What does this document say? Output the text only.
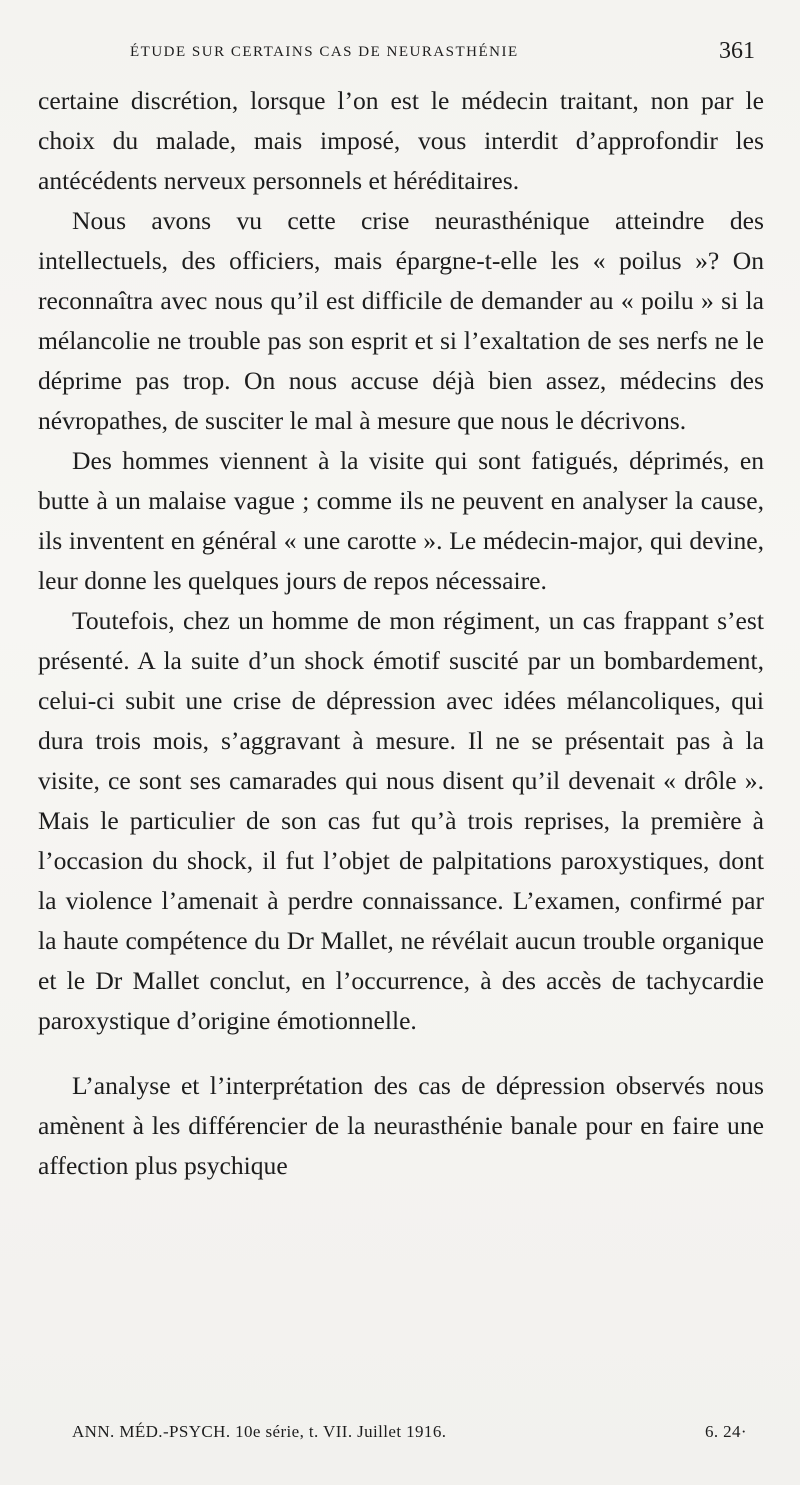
ÉTUDE SUR CERTAINS CAS DE NEURASTHÉNIE	361

certaine discrétion, lorsque l’on est le médecin traitant, non par le choix du malade, mais imposé, vous interdit d’approfondir les antécédents nerveux personnels et héréditaires.

Nous avons vu cette crise neurasthénique atteindre des intellectuels, des officiers, mais épargne-t-elle les « poilus »? On reconnaîtra avec nous qu’il est difficile de demander au « poilu » si la mélancolie ne trouble pas son esprit et si l’exaltation de ses nerfs ne le déprime pas trop. On nous accuse déjà bien assez, médecins des névropathes, de susciter le mal à mesure que nous le décrivons.

Des hommes viennent à la visite qui sont fatigués, déprimés, en butte à un malaise vague ; comme ils ne peuvent en analyser la cause, ils inventent en général « une carotte ». Le médecin-major, qui devine, leur donne les quelques jours de repos nécessaire.

Toutefois, chez un homme de mon régiment, un cas frappant s’est présenté. A la suite d’un shock émotif suscité par un bombardement, celui-ci subit une crise de dépression avec idées mélancoliques, qui dura trois mois, s’aggravant à mesure. Il ne se présentait pas à la visite, ce sont ses camarades qui nous disent qu’il devenait « drôle ». Mais le particulier de son cas fut qu’à trois reprises, la première à l’occasion du shock, il fut l’objet de palpitations paroxystiques, dont la violence l’amenait à perdre connaissance. L’examen, confirmé par la haute compétence du Dr Mallet, ne révélait aucun trouble organique et le Dr Mallet conclut, en l’occurrence, à des accès de tachycardie paroxystique d’origine émotionnelle.

L’analyse et l’interprétation des cas de dépression observés nous amènent à les différencier de la neurasthénie banale pour en faire une affection plus psychique

ANN. MÉD.-PSYCH. 10e série, t. VII. Juillet 1916.	6. 24·
